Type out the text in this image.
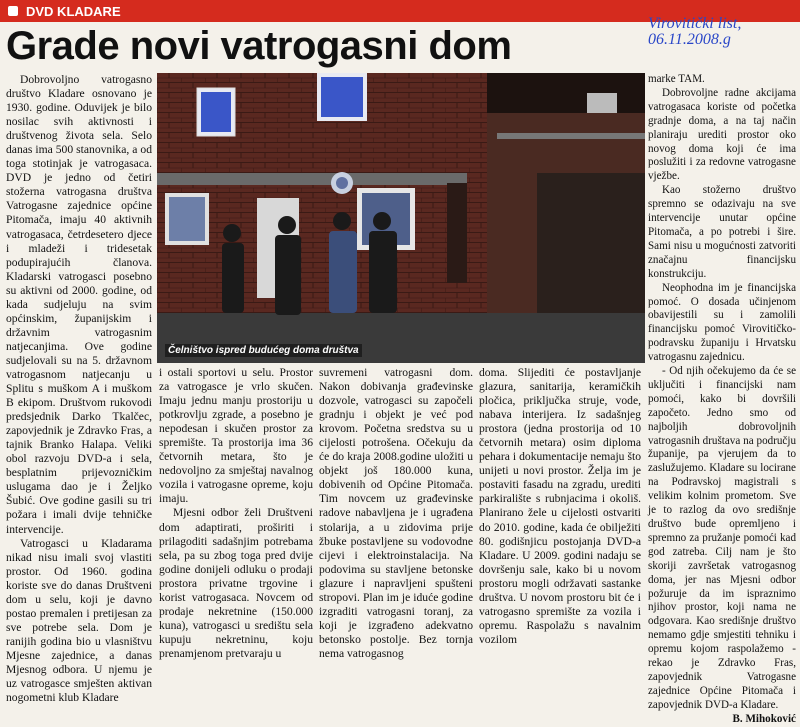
DVD KLADARE
Virovitički list,
06.11.2008.g
Grade novi vatrogasni dom

Dobrovoljno vatrogasno društvo Kladare osnovano je 1930. godine. Oduvijek je bilo nosilac svih aktivnosti i društvenog života sela. Selo danas ima 500 stanovnika, a od toga stotinjak je vatrogasaca. DVD je jedno od četiri stožerna vatrogasna društva Vatrogasne zajednice općine Pitomača, imaju 40 aktivnih vatrogasaca, četrdesetero djece i mladeži i tridesetak podupirajućih članova. Kladarski vatrogasci posebno su aktivni od 2000. godine, od kada sudjeluju na svim općinskim, županijskim i državnim vatrogasnim natjecanjima. Ove godine sudjelovali su na 5. državnom vatrogasnom natjecanju u Splitu s muškom A i muškom B ekipom. Društvom rukovodi predsjednik Darko Tkalčec, zapovjednik je Zdravko Fras, a tajnik Branko Halapa. Veliki obol razvoju DVD-a i sela, besplatnim prijevozničkim uslugama dao je i Željko Šubić. Ove godine gasili su tri požara i imali dvije tehničke intervencije.

Vatrogasci u Kladarama nikad nisu imali svoj vlastiti prostor. Od 1960. godina koriste sve do danas Društveni dom u selu, koji je davno postao premalen i pretijesan za sve potrebe sela. Dom je ranijih godina bio u vlasništvu Mjesne zajednice, a danas Mjesnog odbora. U njemu je uz vatrogasce smješten aktivan nogometni klub Kladare

Čelništvo ispred budućeg doma društva

i ostali sportovi u selu. Prostor za vatrogasce je vrlo skučen. Imaju jednu manju prostoriju u potkrovlju zgrade, a posebno je nepodesan i skučen prostor za spremište. Ta prostorija ima 36 četvornih metara, što je nedovoljno za smještaj navalnog vozila i vatrogasne opreme, koju imaju.

Mjesni odbor želi Društveni dom adaptirati, proširiti i prilagoditi sadašnjim potrebama sela, pa su zbog toga pred dvije godine donijeli odluku o prodaji prostora privatne trgovine i korist vatrogasaca. Novcem od prodaje nekretnine (150.000 kuna), vatrogasci u središtu sela kupuju nekretninu, koju prenamjenom pretvaraju u

suvremeni vatrogasni dom. Nakon dobivanja građevinske dozvole, vatrogasci su započeli gradnju i objekt je već pod krovom. Početna sredstva su u cijelosti potrošena. Očekuju da će do kraja 2008.godine uložiti u objekt još 180.000 kuna, dobivenih od Općine Pitomača. Tim novcem uz građevinske radove nabavljena je i ugrađena stolarija, a u zidovima prije žbuke postavljene su vodovodne cijevi i elektroinstalacija. Na podovima su stavljene betonske glazure i napravljeni spušteni stropovi. Plan im je iduće godine izgraditi vatrogasni toranj, za koji je izgrađeno adekvatno betonsko postolje. Bez tornja nema vatrogasnog

doma. Slijediti će postavljanje glazura, sanitarija, keramičkih pločica, priključka struje, vode, nabava interijera. Iz sadašnjeg prostora (jedna prostorija od 10 četvornih metara) osim diploma pehara i dokumentacije nemaju što unijeti u novi prostor. Želja im je postaviti fasadu na zgradu, urediti parkiralište s rubnjacima i okoliš. Planirano žele u cijelosti ostvariti do 2010. godine, kada će obilježiti 80. godišnjicu postojanja DVD-a Kladare. U 2009. godini nadaju se dovršenju sale, kako bi u novom prostoru mogli održavati sastanke društva. U novom prostoru bit će i vatrogasno spremište za vozila i opremu. Raspolažu s navalnim vozilom

marke TAM.

Dobrovoljne radne akcijama vatrogasaca koriste od početka gradnje doma, a na taj način planiraju urediti prostor oko novog doma koji će ima poslužiti i za redovne vatrogasne vježbe.

Kao stožerno društvo spremno se odazivaju na sve intervencije unutar općine Pitomača, a po potrebi i šire. Sami nisu u mogućnosti zatvoriti značajnu financijsku konstrukciju.

Neophodna im je financijska pomoć. O dosada učinjenom obavijestili su i zamolili financijsku pomoć Virovitičko-podravsku županiju i Hrvatsku vatrogasnu zajednicu.

- Od njih očekujemo da će se uključiti i financijski nam pomoći, kako bi dovršili započeto. Jedno smo od najboljih dobrovoljnih vatrogasnih društava na području županije, pa vjerujem da to zaslužujemo. Kladare su locirane na Podravskoj magistrali s velikim kolnim prometom. Sve je to razlog da ovo središnje društvo bude opremljeno i spremno za pružanje pomoći kad god zatreba. Cilj nam je što skoriji završetak vatrogasnog doma, jer nas Mjesni odbor požuruje da im ispraznimo njihov prostor, koji nama ne odgovara. Kao središnje društvo nemamo gdje smjestiti tehniku i opremu kojom raspolažemo - rekao je Zdravko Fras, zapovjednik Vatrogasne zajednice Općine Pitomača i zapovjednik DVD-a Kladare.

B. Mihoković
